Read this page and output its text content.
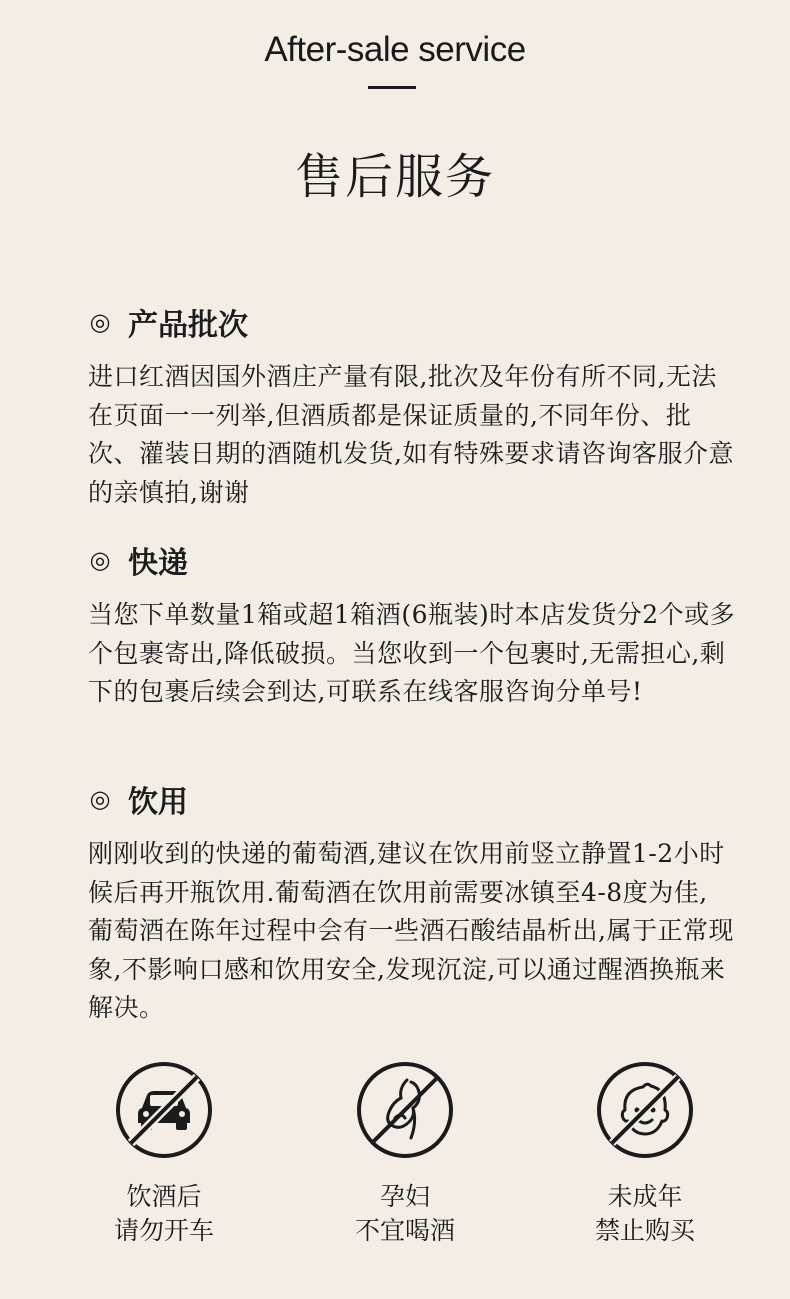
After-sale service
售后服务
◎ 产品批次
进口红酒因国外酒庄产量有限,批次及年份有所不同,无法在页面一一列举,但酒质都是保证质量的,不同年份、批次、灌装日期的酒随机发货,如有特殊要求请咨询客服介意的亲慎拍,谢谢
◎ 快递
当您下单数量1箱或超1箱酒(6瓶装)时本店发货分2个或多个包裹寄出,降低破损。当您收到一个包裹时,无需担心,剩下的包裹后续会到达,可联系在线客服咨询分单号!
◎ 饮用
刚刚收到的快递的葡萄酒,建议在饮用前竖立静置1-2小时候后再开瓶饮用.葡萄酒在饮用前需要冰镇至4-8度为佳, 葡萄酒在陈年过程中会有一些酒石酸结晶析出,属于正常现象,不影响口感和饮用安全,发现沉淀,可以通过醒酒换瓶来解决。
饮酒后
请勿开车
孕妇
不宜喝酒
未成年
禁止购买
